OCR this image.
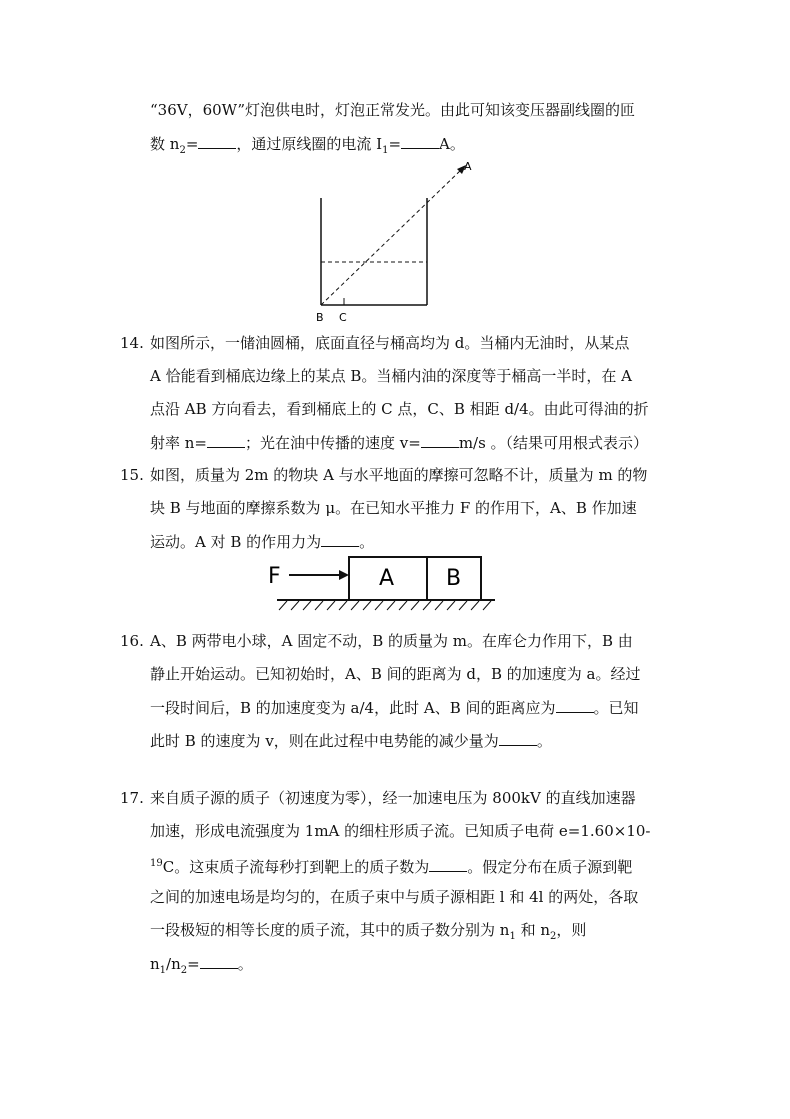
“36V，60W”灯泡供电时，灯泡正常发光。由此可知该变压器副线圈的匝
数 $n_2=$	，通过原线圈的电流 $I_1=$	A。
A
B C
14. 如图所示，一储油圆桶，底面直径与桶高均为 d。当桶内无油时，从某点
A 恰能看到桶底边缘上的某点 B。当桶内油的深度等于桶高一半时，在 A
点沿 AB 方向看去，看到桶底上的 C 点，C、B 相距 d/4。由此可得油的折
射率 n=	；光在油中传播的速度 v=	m/s 。（结果可用根式表示）
15. 如图，质量为 2m 的物块 A 与水平地面的摩擦可忽略不计，质量为 m 的物
块 B 与地面的摩擦系数为 μ。在已知水平推力 F 的作用下，A、B 作加速
运动。A 对 B 的作用力为	。
F	A B
16. A、B 两带电小球，A 固定不动，B 的质量为 m。在库仑力作用下，B 由
静止开始运动。已知初始时，A、B 间的距离为 d，B 的加速度为 a。经过
一段时间后，B 的加速度变为 a/4，此时 A、B 间的距离应为	。已知
此时 B 的速度为 v，则在此过程中电势能的减少量为	。
17. 来自质子源的质子（初速度为零），经一加速电压为 800kV 的直线加速器
加速，形成电流强度为 1mA 的细柱形质子流。已知质子电荷 e=1.60×10-
$^{19}$C。这束质子流每秒打到靶上的质子数为	。假定分布在质子源到靶
之间的加速电场是均匀的，在质子束中与质子源相距 l 和 4l 的两处，各取
一段极短的相等长度的质子流，其中的质子数分别为 $n_1$ 和 $n_2$，则
$n_1/n_2=$	。
